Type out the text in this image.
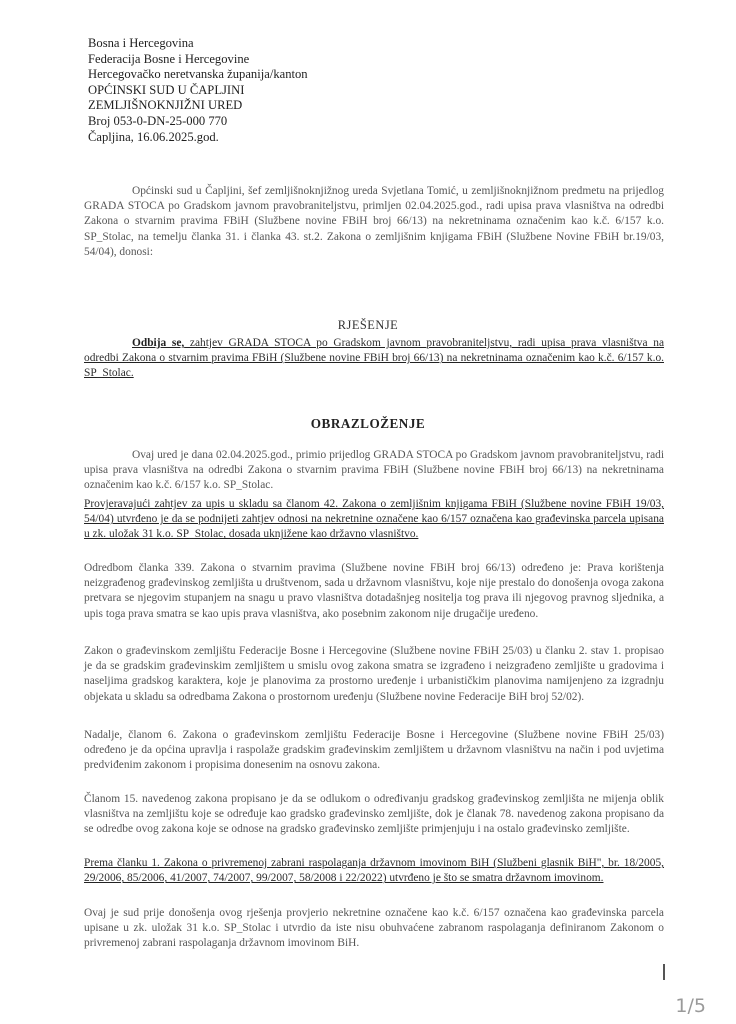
Bosna i Hercegovina
Federacija Bosne i Hercegovine
Hercegovačko neretvanska županija/kanton
OPĆINSKI SUD U ČAPLJINI
ZEMLJIŠNOKNJIŽNI URED
Broj 053-0-DN-25-000 770
Čapljina, 16.06.2025.god.
Općinski sud u Čapljini, šef zemljišnoknjižnog ureda Svjetlana Tomić, u zemljišnoknjižnom predmetu na prijedlog GRADA STOCA po Gradskom javnom pravobraniteljstvu, primljen 02.04.2025.god., radi upisa prava vlasništva na odredbi Zakona o stvarnim pravima FBiH (Službene novine FBiH broj 66/13) na nekretninama označenim kao k.č. 6/157 k.o. SP_Stolac, na temelju članka 31. i članka 43. st.2. Zakona o zemljišnim knjigama FBiH (Službene Novine FBiH br.19/03, 54/04), donosi:
RJEŠENJE
Odbija se, zahtjev GRADA STOCA po Gradskom javnom pravobraniteljstvu, radi upisa prava vlasništva na odredbi Zakona o stvarnim pravima FBiH (Službene novine FBiH broj 66/13) na nekretninama označenim kao k.č. 6/157 k.o. SP_Stolac.
OBRAZLOŽENJE
Ovaj ured je dana 02.04.2025.god., primio prijedlog GRADA STOCA po Gradskom javnom pravobraniteljstvu, radi upisa prava vlasništva na odredbi Zakona o stvarnim pravima FBiH (Službene novine FBiH broj 66/13) na nekretninama označenim kao k.č. 6/157 k.o. SP_Stolac.
Provjeravajući zahtjev za upis u skladu sa članom 42. Zakona o zemljišnim knjigama FBiH (Službene novine FBiH 19/03, 54/04) utvrđeno je da se podnijeti zahtjev odnosi na nekretnine označene kao 6/157 označena kao građevinska parcela upisana u zk. uložak 31 k.o. SP_Stolac, dosada uknjižene kao državno vlasništvo.
Odredbom članka 339. Zakona o stvarnim pravima (Službene novine FBiH broj 66/13) određeno je: Prava korištenja neizgrađenog građevinskog zemljišta u društvenom, sada u državnom vlasništvu, koje nije prestalo do donošenja ovoga zakona pretvara se njegovim stupanjem na snagu u pravo vlasništva dotadašnjeg nositelja tog prava ili njegovog pravnog sljednika, a upis toga prava smatra se kao upis prava vlasništva, ako posebnim zakonom nije drugačije uređeno.
Zakon o građevinskom zemljištu Federacije Bosne i Hercegovine (Službene novine FBiH 25/03) u članku 2. stav 1. propisao je da se gradskim građevinskim zemljištem u smislu ovog zakona smatra se izgrađeno i neizgrađeno zemljište u gradovima i naseljima gradskog karaktera, koje je planovima za prostorno uređenje i urbanističkim planovima namijenjeno za izgradnju objekata u skladu sa odredbama Zakona o prostornom uređenju (Službene novine Federacije BiH broj 52/02).
Nadalje, članom 6. Zakona o građevinskom zemljištu Federacije Bosne i Hercegovine (Službene novine FBiH 25/03) određeno je da općina upravlja i raspolaže gradskim građevinskim zemljištem u državnom vlasništvu na način i pod uvjetima predviđenim zakonom i propisima donesenim na osnovu zakona.
Članom 15. navedenog zakona propisano je da se odlukom o određivanju gradskog građevinskog zemljišta ne mijenja oblik vlasništva na zemljištu koje se određuje kao gradsko građevinsko zemljište, dok je članak 78. navedenog zakona propisano da se odredbe ovog zakona koje se odnose na gradsko građevinsko zemljište primjenjuju i na ostalo građevinsko zemljište.
Prema članku 1. Zakona o privremenoj zabrani raspolaganja državnom imovinom BiH (Službeni glasnik BiH", br. 18/2005, 29/2006, 85/2006, 41/2007, 74/2007, 99/2007, 58/2008 i 22/2022) utvrđeno je što se smatra državnom imovinom.
Ovaj je sud prije donošenja ovog rješenja provjerio nekretnine označene kao k.č. 6/157 označena kao građevinska parcela upisane u zk. uložak 31 k.o. SP_Stolac i utvrdio da iste nisu obuhvaćene zabranom raspolaganja definiranom Zakonom o privremenoj zabrani raspolaganja državnom imovinom BiH.
1/5
